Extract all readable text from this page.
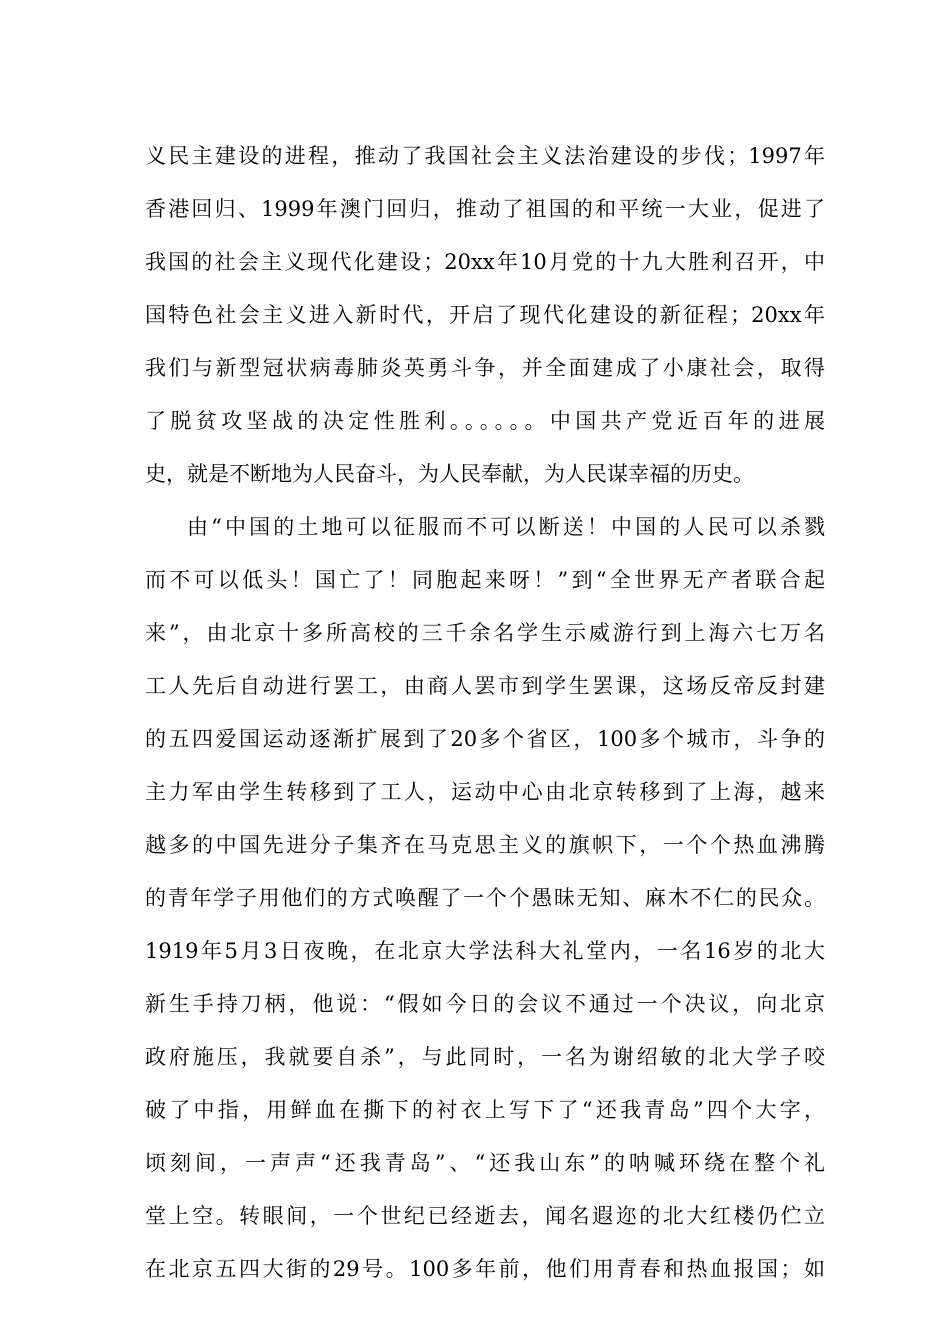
义民主建设的进程，推动了我国社会主义法治建设的步伐；1997年
香港回归、1999年澳门回归，推动了祖国的和平统一大业，促进了
我国的社会主义现代化建设；20xx年10月党的十九大胜利召开，中
国特色社会主义进入新时代，开启了现代化建设的新征程；20xx年
我们与新型冠状病毒肺炎英勇斗争，并全面建成了小康社会，取得
了脱贫攻坚战的决定性胜利。。。。。。中国共产党近百年的进展
史，就是不断地为人民奋斗，为人民奉献，为人民谋幸福的历史。
由“中国的土地可以征服而不可以断送！中国的人民可以杀戮
而不可以低头！国亡了！同胞起来呀！”到“全世界无产者联合起
来”，由北京十多所高校的三千余名学生示威游行到上海六七万名
工人先后自动进行罢工，由商人罢市到学生罢课，这场反帝反封建
的五四爱国运动逐渐扩展到了20多个省区，100多个城市，斗争的
主力军由学生转移到了工人，运动中心由北京转移到了上海，越来
越多的中国先进分子集齐在马克思主义的旗帜下，一个个热血沸腾
的青年学子用他们的方式唤醒了一个个愚昧无知、麻木不仁的民众。
1919年5月3日夜晚，在北京大学法科大礼堂内，一名16岁的北大
新生手持刀柄，他说：“假如今日的会议不通过一个决议，向北京
政府施压，我就要自杀”，与此同时，一名为谢绍敏的北大学子咬
破了中指，用鲜血在撕下的衬衣上写下了“还我青岛”四个大字，
顷刻间，一声声“还我青岛”、“还我山东”的呐喊环绕在整个礼
堂上空。转眼间，一个世纪已经逝去，闻名遐迩的北大红楼仍伫立
在北京五四大街的29号。100多年前，他们用青春和热血报国；如
